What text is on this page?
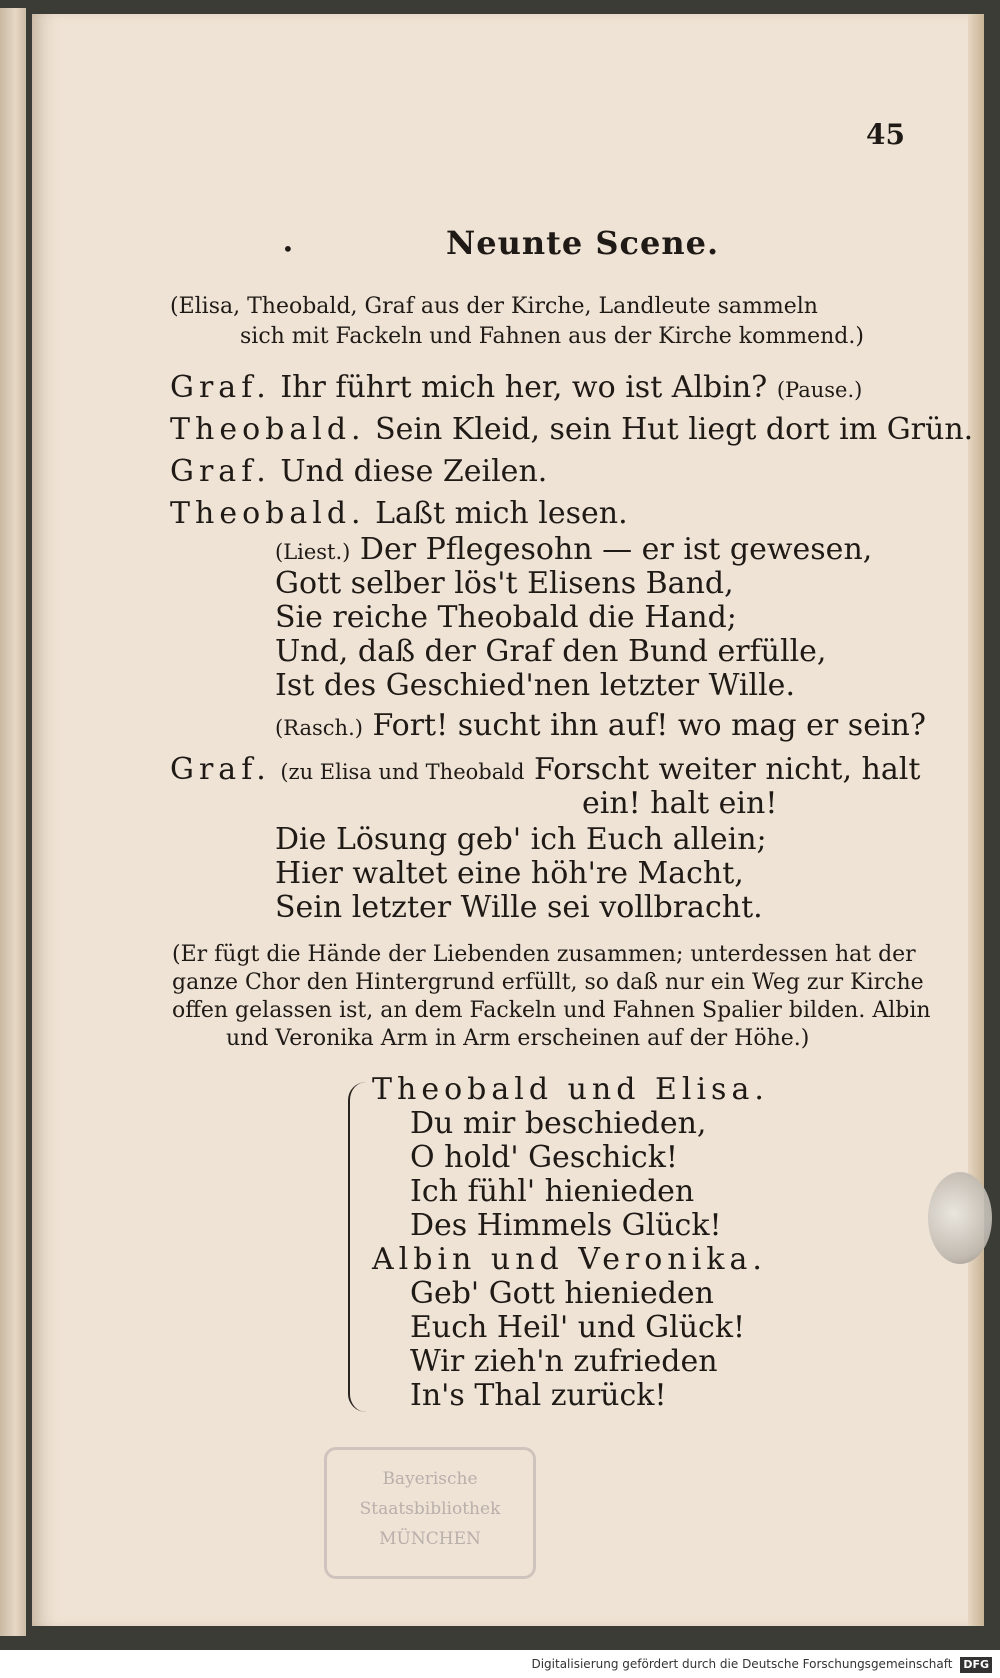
45
•	Neunte Scene.
(Elisa, Theobald, Graf aus der Kirche, Landleute sammeln
sich mit Fackeln und Fahnen aus der Kirche kommend.)
Graf. Ihr führt mich her, wo ist Albin? (Pause.)
Theobald. Sein Kleid, sein Hut liegt dort im Grün.
Graf. Und diese Zeilen.
Theobald. Laßt mich lesen.
(Liest.) Der Pflegesohn — er ist gewesen,
Gott selber lös't Elisens Band,
Sie reiche Theobald die Hand;
Und, daß der Graf den Bund erfülle,
Ist des Geschied'nen letzter Wille.
(Rasch.) Fort! sucht ihn auf! wo mag er sein?
Graf. (zu Elisa und Theobald Forscht weiter nicht, halt
ein! halt ein!
Die Lösung geb' ich Euch allein;
Hier waltet eine höh're Macht,
Sein letzter Wille sei vollbracht.
(Er fügt die Hände der Liebenden zusammen; unterdessen hat der
ganze Chor den Hintergrund erfüllt, so daß nur ein Weg zur Kirche
offen gelassen ist, an dem Fackeln und Fahnen Spalier bilden. Albin
und Veronika Arm in Arm erscheinen auf der Höhe.)
Theobald und Elisa.
Du mir beschieden,
O hold' Geschick!
Ich fühl' hienieden
Des Himmels Glück!
Albin und Veronika.
Geb' Gott hienieden
Euch Heil' und Glück!
Wir zieh'n zufrieden
In's Thal zurück!
Bayerische
Staatsbibliothek
MÜNCHEN
Digitalisierung gefördert durch die Deutsche Forschungsgemeinschaft DFG
